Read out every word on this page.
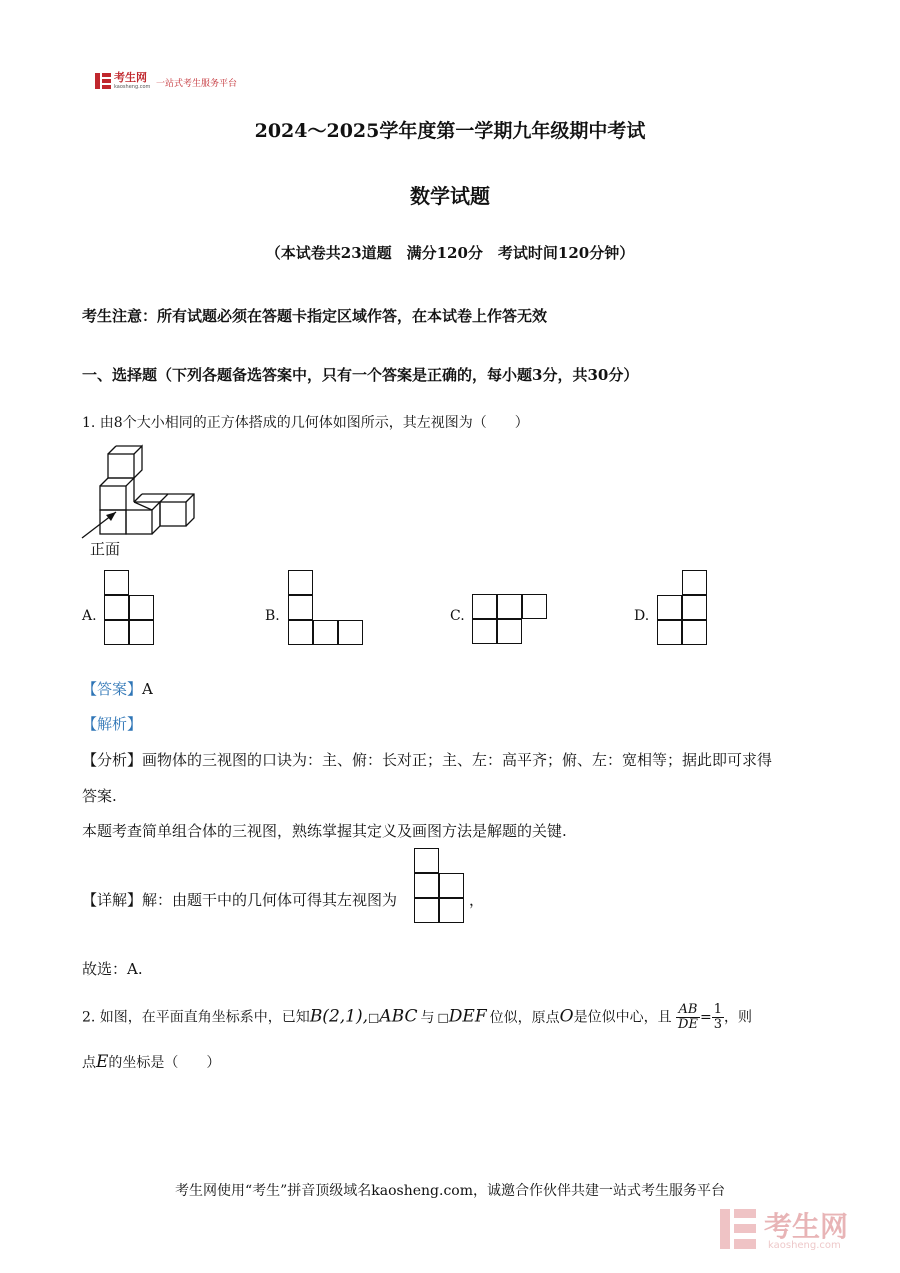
考生网
kaosheng.com 一站式考生服务平台
2024～2025学年度第一学期九年级期中考试
数学试题
（本试卷共23道题　满分120分　考试时间120分钟）
考生注意：所有试题必须在答题卡指定区域作答，在本试卷上作答无效
一、选择题（下列各题备选答案中，只有一个答案是正确的，每小题3分，共30分）
1. 由8个大小相同的正方体搭成的几何体如图所示，其左视图为（　　）
正面
A.	B.	C.	D.
【答案】A
【解析】
【分析】画物体的三视图的口诀为：主、俯：长对正；主、左：高平齐；俯、左：宽相等；据此即可求得
答案.
本题考查简单组合体的三视图，熟练掌握其定义及画图方法是解题的关键.
【详解】解：由题干中的几何体可得其左视图为	，
故选：A.
2. 如图，在平面直角坐标系中，已知B(2,1),□ABC 与 □DEF 位似，原点O是位似中心，且 $\frac{AB}{DE} = \frac{1}{3}$ ，则
点E的坐标是（　　）
考生网使用“考生”拼音顶级域名kaosheng.com，诚邀合作伙伴共建一站式考生服务平台
考生网
kaosheng.com
